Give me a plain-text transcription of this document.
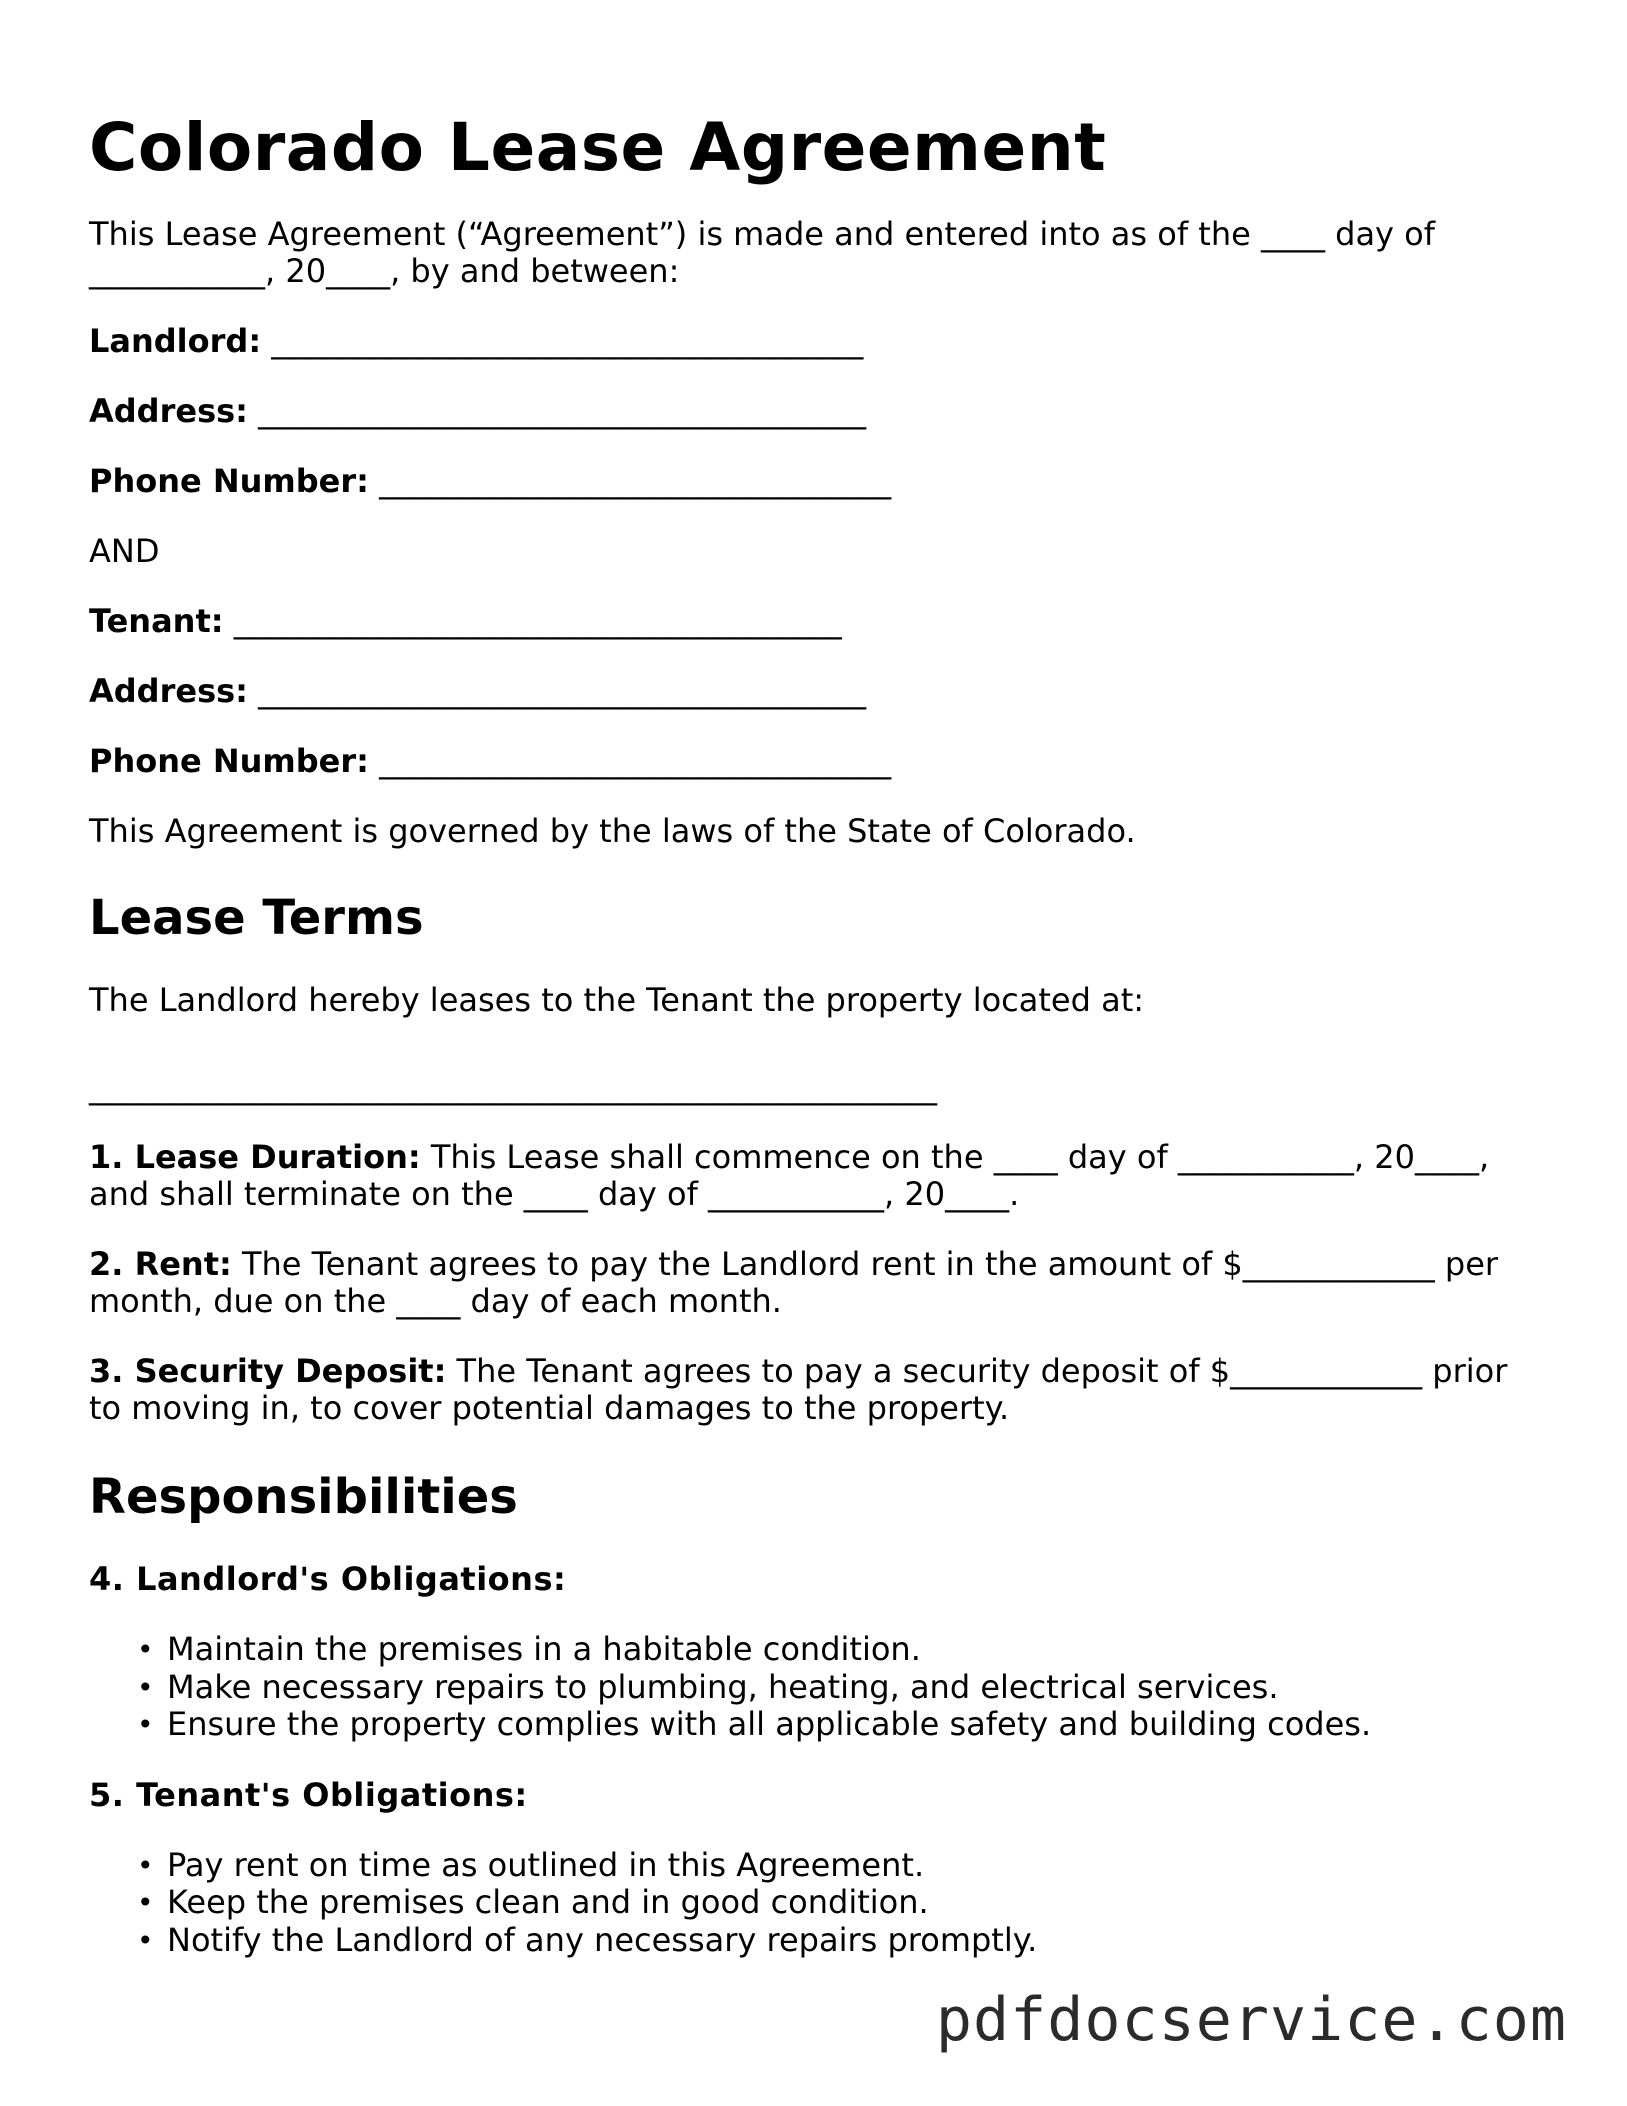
Colorado Lease Agreement

This Lease Agreement (“Agreement”) is made and entered into as of the ____ day of
___________, 20____, by and between:

Landlord: _____________________________________

Address: ______________________________________

Phone Number: ________________________________

AND

Tenant: ______________________________________

Address: ______________________________________

Phone Number: ________________________________

This Agreement is governed by the laws of the State of Colorado.

Lease Terms

The Landlord hereby leases to the Tenant the property located at:

_____________________________________________________

1. Lease Duration: This Lease shall commence on the ____ day of ___________, 20____,
and shall terminate on the ____ day of ___________, 20____.

2. Rent: The Tenant agrees to pay the Landlord rent in the amount of $____________ per
month, due on the ____ day of each month.

3. Security Deposit: The Tenant agrees to pay a security deposit of $____________ prior
to moving in, to cover potential damages to the property.

Responsibilities

4. Landlord's Obligations:

• Maintain the premises in a habitable condition.
• Make necessary repairs to plumbing, heating, and electrical services.
• Ensure the property complies with all applicable safety and building codes.

5. Tenant's Obligations:

• Pay rent on time as outlined in this Agreement.
• Keep the premises clean and in good condition.
• Notify the Landlord of any necessary repairs promptly.
pdfdocservice.com
